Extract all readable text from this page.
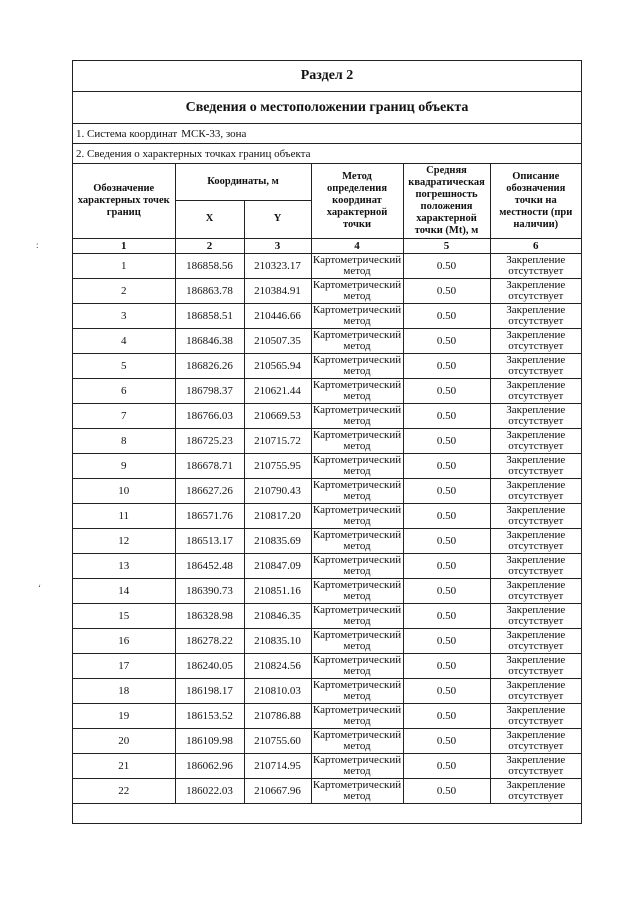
Раздел 2
Сведения о местоположении границ объекта
1. Система координат МСК-33, зона
2. Сведения о характерных точках границ объекта
Обозначение характерных точек границ	Координаты, м		Метод определения координат характерной точки	Средняя квадратическая погрешность положения характерной точки (Mt), м	Описание обозначения точки на местности (при наличии)
	X	Y			
1	2	3	4	5	6
1	186858.56	210323.17	Картометрический метод	0.50	Закрепление отсутствует
2	186863.78	210384.91	Картометрический метод	0.50	Закрепление отсутствует
3	186858.51	210446.66	Картометрический метод	0.50	Закрепление отсутствует
4	186846.38	210507.35	Картометрический метод	0.50	Закрепление отсутствует
5	186826.26	210565.94	Картометрический метод	0.50	Закрепление отсутствует
6	186798.37	210621.44	Картометрический метод	0.50	Закрепление отсутствует
7	186766.03	210669.53	Картометрический метод	0.50	Закрепление отсутствует
8	186725.23	210715.72	Картометрический метод	0.50	Закрепление отсутствует
9	186678.71	210755.95	Картометрический метод	0.50	Закрепление отсутствует
10	186627.26	210790.43	Картометрический метод	0.50	Закрепление отсутствует
11	186571.76	210817.20	Картометрический метод	0.50	Закрепление отсутствует
12	186513.17	210835.69	Картометрический метод	0.50	Закрепление отсутствует
13	186452.48	210847.09	Картометрический метод	0.50	Закрепление отсутствует
14	186390.73	210851.16	Картометрический метод	0.50	Закрепление отсутствует
15	186328.98	210846.35	Картометрический метод	0.50	Закрепление отсутствует
16	186278.22	210835.10	Картометрический метод	0.50	Закрепление отсутствует
17	186240.05	210824.56	Картометрический метод	0.50	Закрепление отсутствует
18	186198.17	210810.03	Картометрический метод	0.50	Закрепление отсутствует
19	186153.52	210786.88	Картометрический метод	0.50	Закрепление отсутствует
20	186109.98	210755.60	Картометрический метод	0.50	Закрепление отсутствует
21	186062.96	210714.95	Картометрический метод	0.50	Закрепление отсутствует
22	186022.03	210667.96	Картометрический метод	0.50	Закрепление отсутствует
:
‘
